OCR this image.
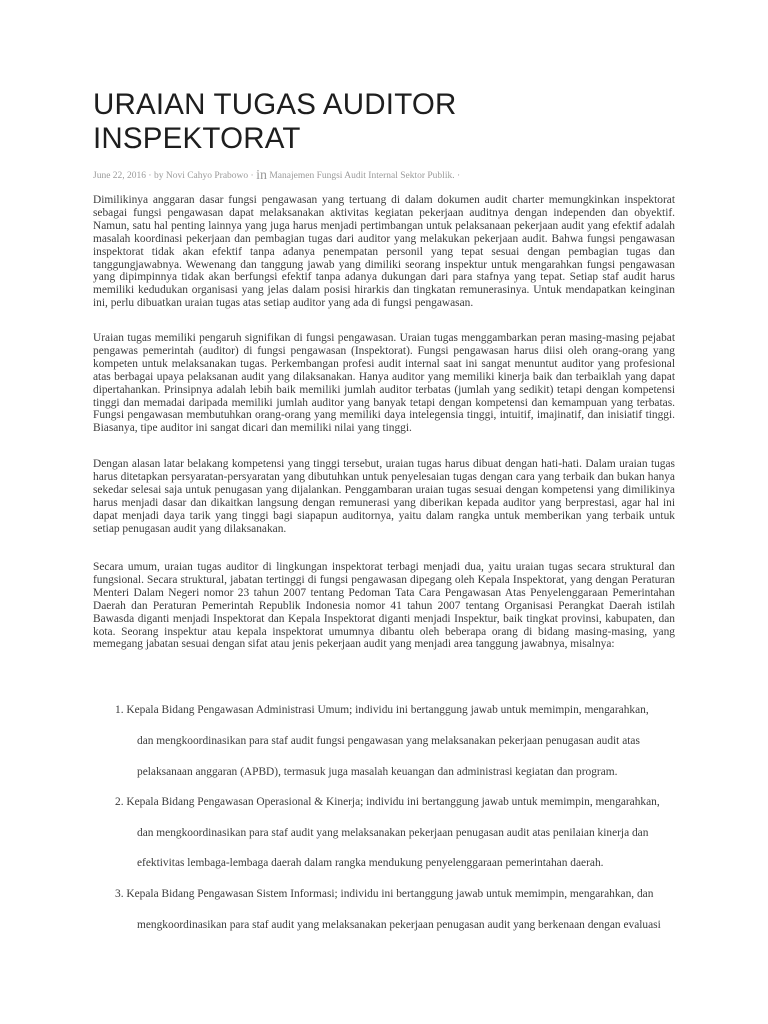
URAIAN TUGAS AUDITOR INSPEKTORAT
June 22, 2016 · by Novi Cahyo Prabowo · in Manajemen Fungsi Audit Internal Sektor Publik. ·

Dimilikinya anggaran dasar fungsi pengawasan yang tertuang di dalam dokumen audit charter memungkinkan inspektorat sebagai fungsi pengawasan dapat melaksanakan aktivitas kegiatan pekerjaan auditnya dengan independen dan obyektif. Namun, satu hal penting lainnya yang juga harus menjadi pertimbangan untuk pelaksanaan pekerjaan audit yang efektif adalah masalah koordinasi pekerjaan dan pembagian tugas dari auditor yang melakukan pekerjaan audit. Bahwa fungsi pengawasan inspektorat tidak akan efektif tanpa adanya penempatan personil yang tepat sesuai dengan pembagian tugas dan tanggungjawabnya. Wewenang dan tanggung jawab yang dimiliki seorang inspektur untuk mengarahkan fungsi pengawasan yang dipimpinnya tidak akan berfungsi efektif tanpa adanya dukungan dari para stafnya yang tepat. Setiap staf audit harus memiliki kedudukan organisasi yang jelas dalam posisi hirarkis dan tingkatan remunerasinya. Untuk mendapatkan keinginan ini, perlu dibuatkan uraian tugas atas setiap auditor yang ada di fungsi pengawasan.

Uraian tugas memiliki pengaruh signifikan di fungsi pengawasan. Uraian tugas menggambarkan peran masing-masing pejabat pengawas pemerintah (auditor) di fungsi pengawasan (Inspektorat). Fungsi pengawasan harus diisi oleh orang-orang yang kompeten untuk melaksanakan tugas. Perkembangan profesi audit internal saat ini sangat menuntut auditor yang profesional atas berbagai upaya pelaksanan audit yang dilaksanakan. Hanya auditor yang memiliki kinerja baik dan terbaiklah yang dapat dipertahankan. Prinsipnya adalah lebih baik memiliki jumlah auditor terbatas (jumlah yang sedikit) tetapi dengan kompetensi tinggi dan memadai daripada memiliki jumlah auditor yang banyak tetapi dengan kompetensi dan kemampuan yang terbatas. Fungsi pengawasan membutuhkan orang-orang yang memiliki daya intelegensia tinggi, intuitif, imajinatif, dan inisiatif tinggi. Biasanya, tipe auditor ini sangat dicari dan memiliki nilai yang tinggi.

Dengan alasan latar belakang kompetensi yang tinggi tersebut, uraian tugas harus dibuat dengan hati-hati. Dalam uraian tugas harus ditetapkan persyaratan-persyaratan yang dibutuhkan untuk penyelesaian tugas dengan cara yang terbaik dan bukan hanya sekedar selesai saja untuk penugasan yang dijalankan. Penggambaran uraian tugas sesuai dengan kompetensi yang dimilikinya harus menjadi dasar dan dikaitkan langsung dengan remunerasi yang diberikan kepada auditor yang berprestasi, agar hal ini dapat menjadi daya tarik yang tinggi bagi siapapun auditornya, yaitu dalam rangka untuk memberikan yang terbaik untuk setiap penugasan audit yang dilaksanakan.

Secara umum, uraian tugas auditor di lingkungan inspektorat terbagi menjadi dua, yaitu uraian tugas secara struktural dan fungsional. Secara struktural, jabatan tertinggi di fungsi pengawasan dipegang oleh Kepala Inspektorat, yang dengan Peraturan Menteri Dalam Negeri nomor 23 tahun 2007 tentang Pedoman Tata Cara Pengawasan Atas Penyelenggaraan Pemerintahan Daerah dan Peraturan Pemerintah Republik Indonesia nomor 41 tahun 2007 tentang Organisasi Perangkat Daerah istilah Bawasda diganti menjadi Inspektorat dan Kepala Inspektorat diganti menjadi Inspektur, baik tingkat provinsi, kabupaten, dan kota. Seorang inspektur atau kepala inspektorat umumnya dibantu oleh beberapa orang di bidang masing-masing, yang memegang jabatan sesuai dengan sifat atau jenis pekerjaan audit yang menjadi area tanggung jawabnya, misalnya:

1. Kepala Bidang Pengawasan Administrasi Umum; individu ini bertanggung jawab untuk memimpin, mengarahkan,
dan mengkoordinasikan para staf audit fungsi pengawasan yang melaksanakan pekerjaan penugasan audit atas
pelaksanaan anggaran (APBD), termasuk juga masalah keuangan dan administrasi kegiatan dan program.
2. Kepala Bidang Pengawasan Operasional & Kinerja; individu ini bertanggung jawab untuk memimpin, mengarahkan,
dan mengkoordinasikan para staf audit yang melaksanakan pekerjaan penugasan audit atas penilaian kinerja dan
efektivitas lembaga-lembaga daerah dalam rangka mendukung penyelenggaraan pemerintahan daerah.
3. Kepala Bidang Pengawasan Sistem Informasi; individu ini bertanggung jawab untuk memimpin, mengarahkan, dan
mengkoordinasikan para staf audit yang melaksanakan pekerjaan penugasan audit yang berkenaan dengan evaluasi
